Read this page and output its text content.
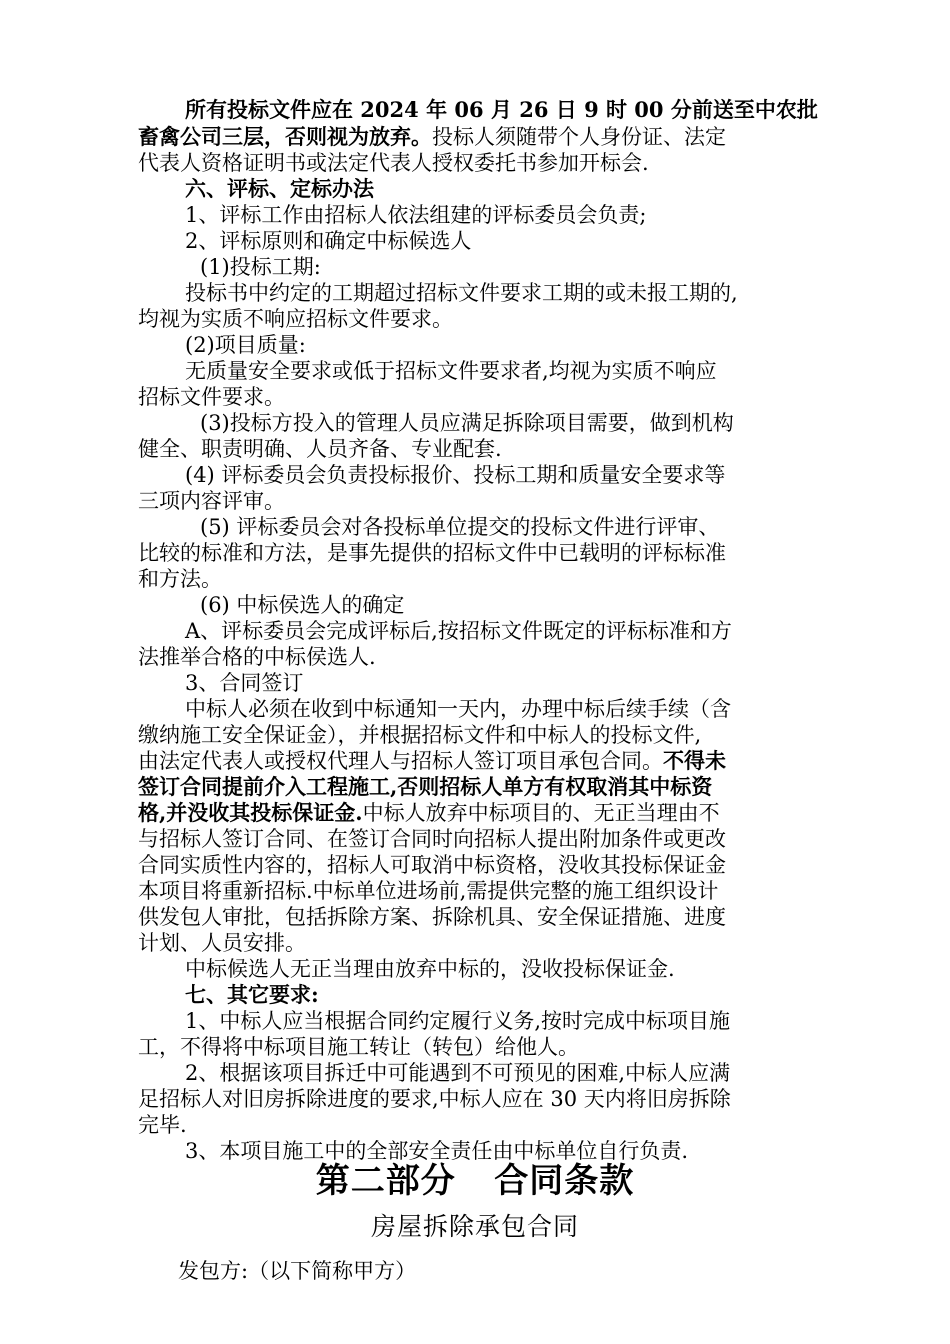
所有投标文件应在 2024 年 06 月 26 日 9 时 00 分前送至中农批
畜禽公司三层，否则视为放弃。投标人须随带个人身份证、法定
代表人资格证明书或法定代表人授权委托书参加开标会.
六、评标、定标办法
1、评标工作由招标人依法组建的评标委员会负责;
2、评标原则和确定中标候选人
(1)投标工期:
投标书中约定的工期超过招标文件要求工期的或未报工期的,
均视为实质不响应招标文件要求。
(2)项目质量:
无质量安全要求或低于招标文件要求者,均视为实质不响应
招标文件要求。
(3)投标方投入的管理人员应满足拆除项目需要，做到机构
健全、职责明确、人员齐备、专业配套.
(4) 评标委员会负责投标报价、投标工期和质量安全要求等
三项内容评审。
(5) 评标委员会对各投标单位提交的投标文件进行评审、
比较的标准和方法，是事先提供的招标文件中已载明的评标标准
和方法。
(6) 中标侯选人的确定
A、评标委员会完成评标后,按招标文件既定的评标标准和方
法推举合格的中标侯选人.
3、合同签订
中标人必须在收到中标通知一天内，办理中标后续手续（含
缴纳施工安全保证金），并根据招标文件和中标人的投标文件,
由法定代表人或授权代理人与招标人签订项目承包合同。不得未
签订合同提前介入工程施工,否则招标人单方有权取消其中标资
格,并没收其投标保证金.中标人放弃中标项目的、无正当理由不
与招标人签订合同、在签订合同时向招标人提出附加条件或更改
合同实质性内容的，招标人可取消中标资格，没收其投标保证金
本项目将重新招标.中标单位进场前,需提供完整的施工组织设计
供发包人审批，包括拆除方案、拆除机具、安全保证措施、进度
计划、人员安排。
中标候选人无正当理由放弃中标的，没收投标保证金.
七、其它要求:
1、中标人应当根据合同约定履行义务,按时完成中标项目施
工，不得将中标项目施工转让（转包）给他人。
2、根据该项目拆迁中可能遇到不可预见的困难,中标人应满
足招标人对旧房拆除进度的要求,中标人应在 30 天内将旧房拆除
完毕.
3、本项目施工中的全部安全责任由中标单位自行负责.
第二部分   合同条款
房屋拆除承包合同
发包方:（以下简称甲方）
